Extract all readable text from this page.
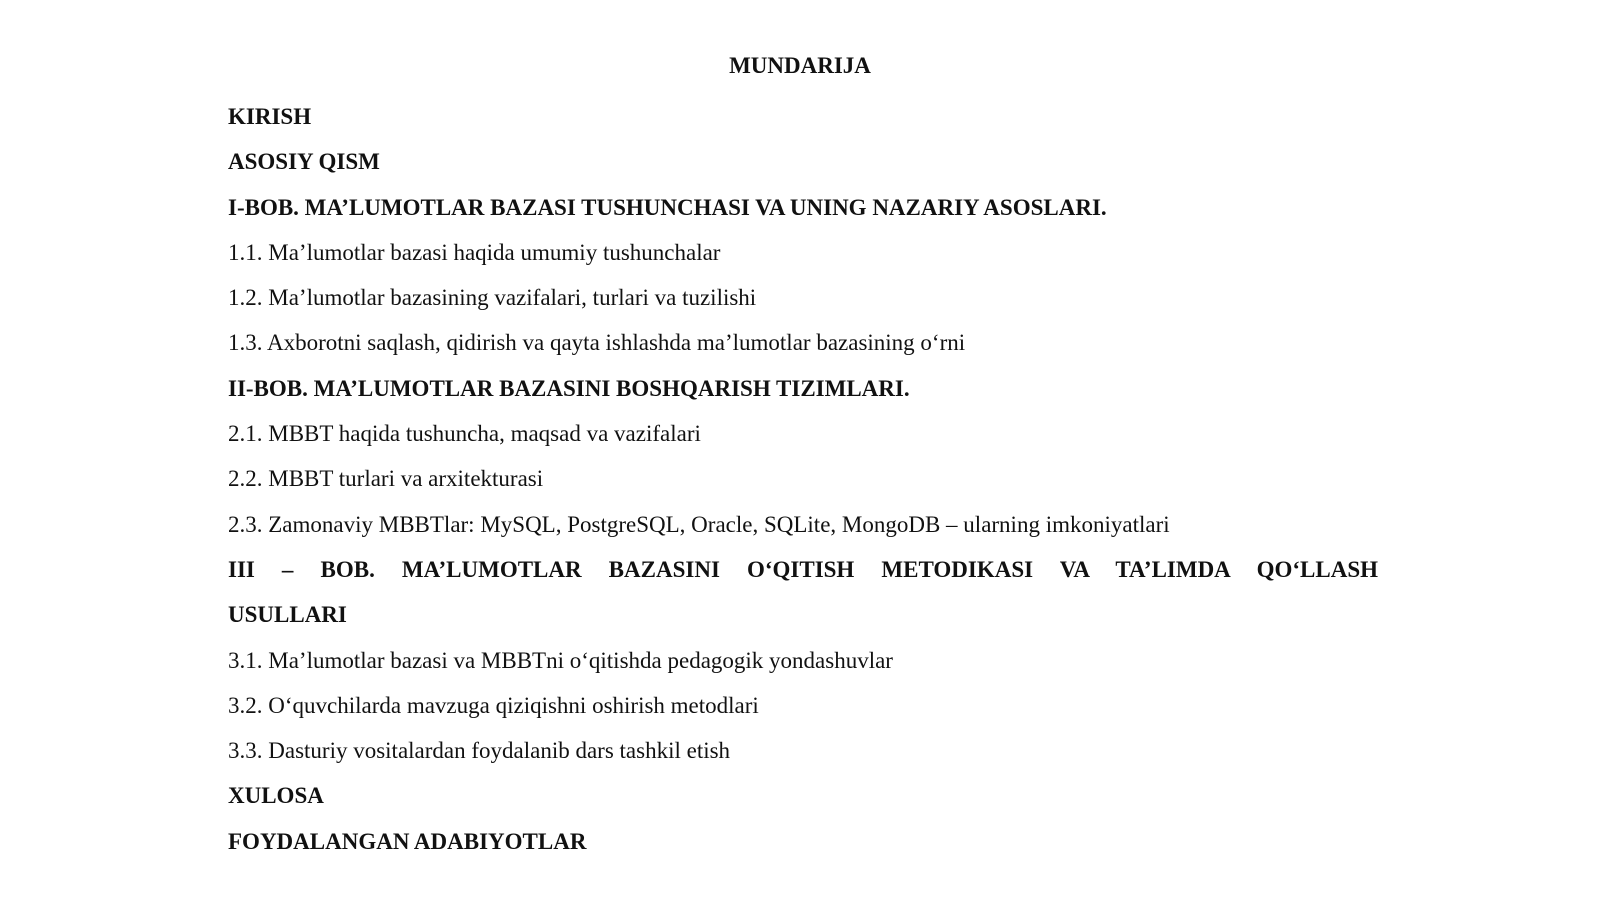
MUNDARIJA
KIRISH
ASOSIY QISM
I-BOB. MA’LUMOTLAR BAZASI TUSHUNCHASI VA UNING NAZARIY ASOSLARI.
1.1. Ma’lumotlar bazasi haqida umumiy tushunchalar
1.2. Ma’lumotlar bazasining vazifalari, turlari va tuzilishi
1.3. Axborotni saqlash, qidirish va qayta ishlashda ma’lumotlar bazasining o‘rni
II-BOB. MA’LUMOTLAR BAZASINI BOSHQARISH TIZIMLARI.
2.1. MBBT haqida tushuncha, maqsad va vazifalari
2.2. MBBT turlari va arxitekturasi
2.3. Zamonaviy MBBTlar: MySQL, PostgreSQL, Oracle, SQLite, MongoDB – ularning imkoniyatlari
III – BOB. MA’LUMOTLAR BAZASINI O‘QITISH METODIKASI VA TA’LIMDA QO‘LLASH
USULLARI
3.1. Ma’lumotlar bazasi va MBBTni o‘qitishda pedagogik yondashuvlar
3.2. O‘quvchilarda mavzuga qiziqishni oshirish metodlari
3.3. Dasturiy vositalardan foydalanib dars tashkil etish
XULOSA
FOYDALANGAN ADABIYOTLAR
